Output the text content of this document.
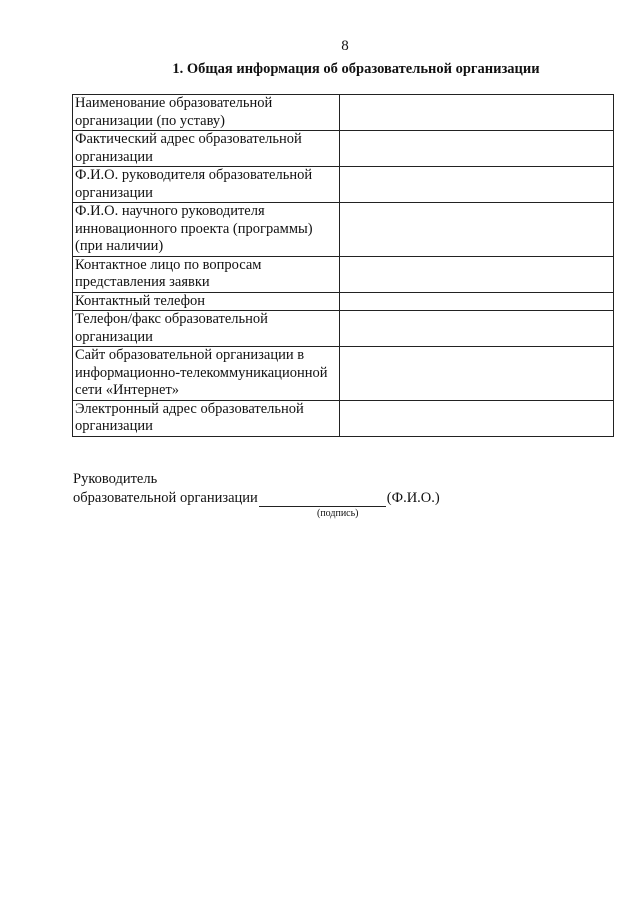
8
1. Общая информация об образовательной организации
Наименование образовательной организации (по уставу)	
Фактический адрес образовательной организации	
Ф.И.О. руководителя образовательной организации	
Ф.И.О. научного руководителя инновационного проекта (программы) (при наличии)	
Контактное лицо по вопросам представления заявки	
Контактный телефон	
Телефон/факс образовательной организации	
Сайт образовательной организации в информационно-телекоммуникационной сети «Интернет»	
Электронный адрес образовательной организации	
Руководитель
образовательной организации	(Ф.И.О.)
(подпись)
